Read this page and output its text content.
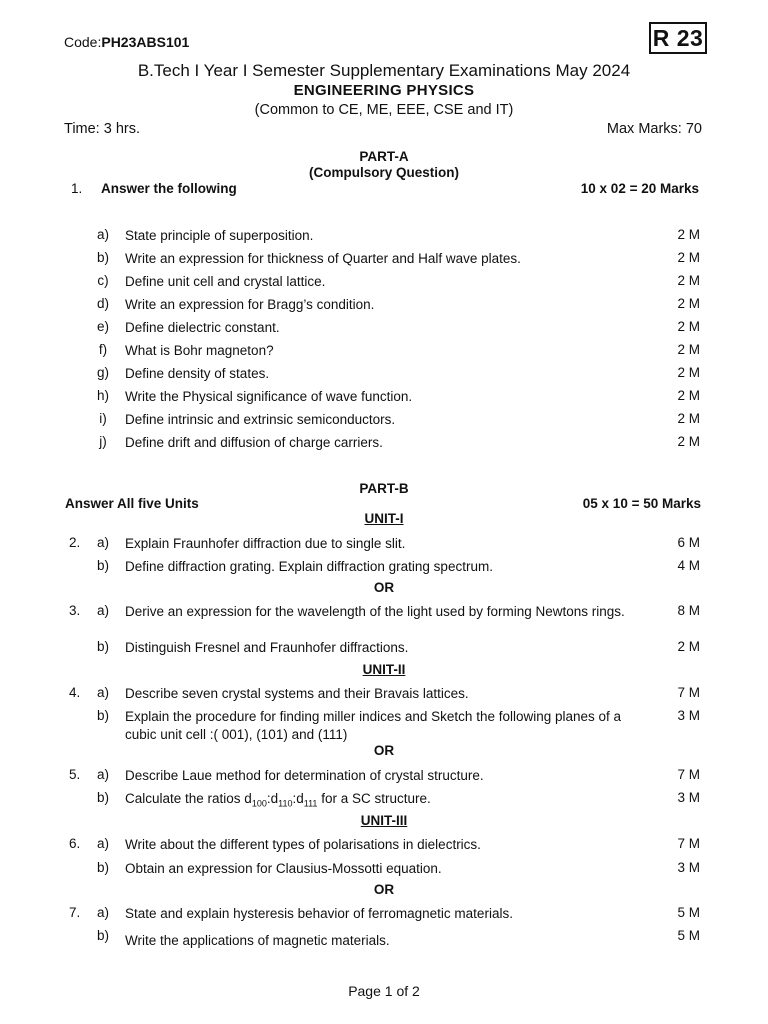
Code:PH23ABS101	R 23
B.Tech I Year I Semester Supplementary Examinations May 2024
ENGINEERING PHYSICS
(Common to CE, ME, EEE, CSE and IT)
Time: 3 hrs.	Max Marks: 70
PART-A
(Compulsory Question)
1. Answer the following	10 x 02 = 20 Marks
a) State principle of superposition.	2 M
b) Write an expression for thickness of Quarter and Half wave plates.	2 M
c) Define unit cell and crystal lattice.	2 M
d) Write an expression for Bragg’s condition.	2 M
e) Define dielectric constant.	2 M
f) What is Bohr magneton?	2 M
g) Define density of states.	2 M
h) Write the Physical significance of wave function.	2 M
i) Define intrinsic and extrinsic semiconductors.	2 M
j) Define drift and diffusion of charge carriers.	2 M
PART-B
Answer All five Units	05 x 10 = 50 Marks
UNIT-I
2. a) Explain Fraunhofer diffraction due to single slit.	6 M
b) Define diffraction grating. Explain diffraction grating spectrum.	4 M
OR
3. a) Derive an expression for the wavelength of the light used by forming Newtons rings.	8 M
b) Distinguish Fresnel and Fraunhofer diffractions.	2 M
UNIT-II
4. a) Describe seven crystal systems and their Bravais lattices.	7 M
b) Explain the procedure for finding miller indices and Sketch the following planes of a cubic unit cell :( 001), (101) and (111)
3 M
OR
5. a) Describe Laue method for determination of crystal structure.	7 M
b) Calculate the ratios $d_{100}:d_{110}:d_{111}$ for a SC structure.	3 M
UNIT-III
6. a) Write about the different types of polarisations in dielectrics.	7 M
b) Obtain an expression for Clausius-Mossotti equation.	3 M
OR
7. a) State and explain hysteresis behavior of ferromagnetic materials.	5 M
b) Write the applications of magnetic materials.	5 M
Page 1 of 2
